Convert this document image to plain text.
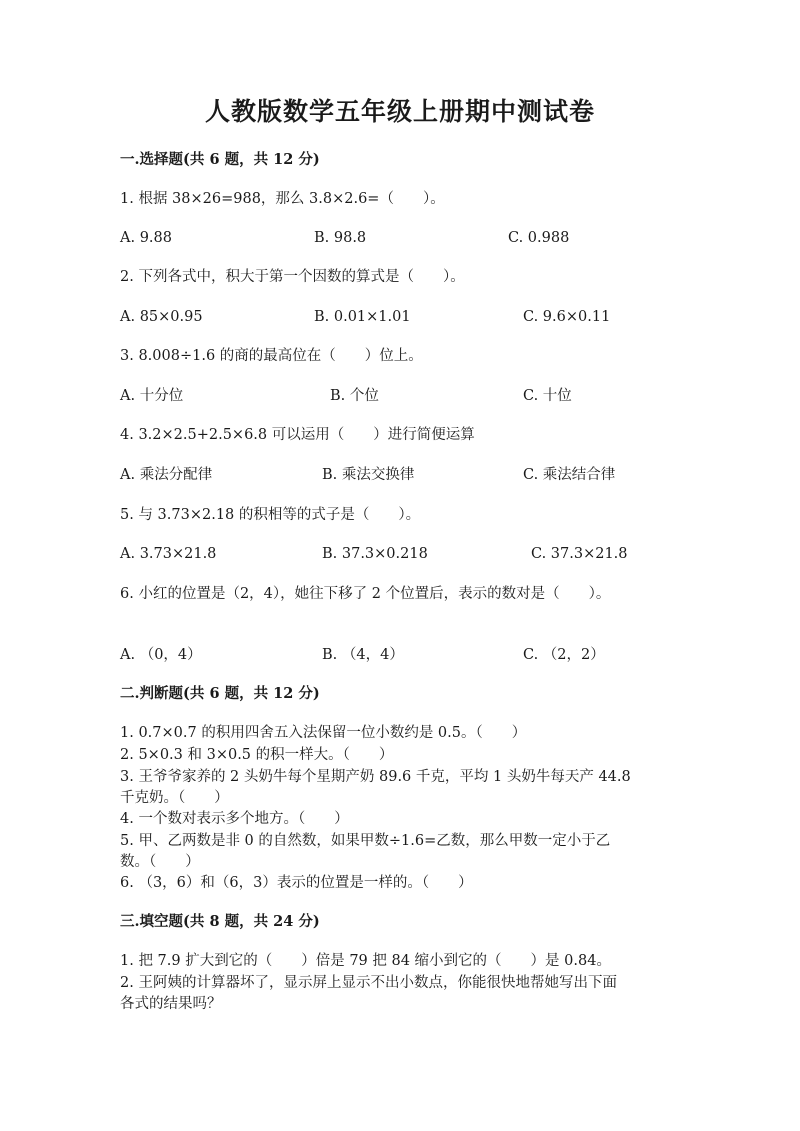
人教版数学五年级上册期中测试卷
一.选择题(共 6 题，共 12 分)
1. 根据 38×26=988，那么 3.8×2.6=（　　）。
A. 9.88	B. 98.8	C. 0.988
2. 下列各式中，积大于第一个因数的算式是（　　）。
A. 85×0.95	B. 0.01×1.01	C. 9.6×0.11
3. 8.008÷1.6 的商的最高位在（　　）位上。
A. 十分位	B. 个位	C. 十位
4. 3.2×2.5+2.5×6.8 可以运用（　　）进行简便运算
A. 乘法分配律	B. 乘法交换律	C. 乘法结合律
5. 与 3.73×2.18 的积相等的式子是（　　）。
A. 3.73×21.8	B. 37.3×0.218	C. 37.3×21.8
6. 小红的位置是（2，4），她往下移了 2 个位置后，表示的数对是（　　）。
A. （0，4）	B. （4，4）	C. （2，2）
二.判断题(共 6 题，共 12 分)
1. 0.7×0.7 的积用四舍五入法保留一位小数约是 0.5。（　　）
2. 5×0.3 和 3×0.5 的积一样大。（　　）
3. 王爷爷家养的 2 头奶牛每个星期产奶 89.6 千克，平均 1 头奶牛每天产 44.8
千克奶。（　　）
4. 一个数对表示多个地方。（　　）
5. 甲、乙两数是非 0 的自然数，如果甲数÷1.6=乙数，那么甲数一定小于乙
数。（　　）
6. （3，6）和（6，3）表示的位置是一样的。（　　）
三.填空题(共 8 题，共 24 分)
1. 把 7.9 扩大到它的（　　）倍是 79 把 84 缩小到它的（　　）是 0.84。
2. 王阿姨的计算器坏了，显示屏上显示不出小数点，你能很快地帮她写出下面
各式的结果吗？
